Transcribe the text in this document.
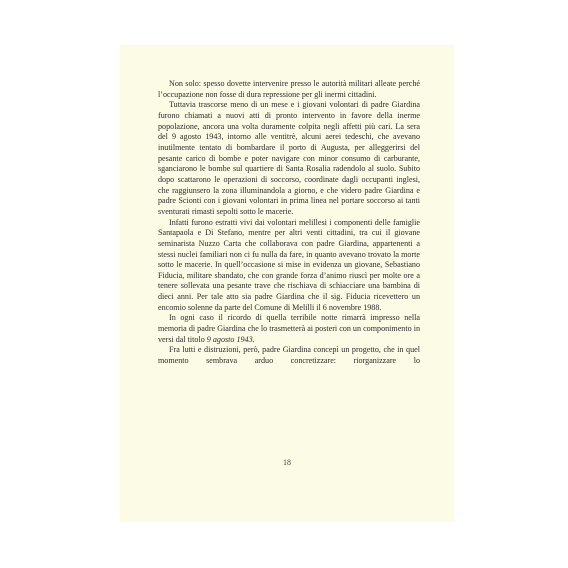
Non solo: spesso dovette intervenire presso le autorità militari alleate perché l’occupazione non fosse di dura repressione per gli inermi cittadini.

Tuttavia trascorse meno di un mese e i giovani volontari di padre Giardina furono chiamati a nuovi atti di pronto intervento in favore della inerme popolazione, ancora una volta duramente colpita negli affetti più cari. La sera del 9 agosto 1943, intorno alle ventitrè, alcuni aerei tedeschi, che avevano inutilmente tentato di bombardare il porto di Augusta, per alleggerirsi del pesante carico di bombe e poter navigare con minor consumo di carburante, sganciarono le bombe sul quartiere di Santa Rosalia radendolo al suolo. Subito dopo scattarono le operazioni di soccorso, coordinate dagli occupanti inglesi, che raggiunsero la zona illuminandola a giorno, e che videro padre Giardina e padre Scionti con i giovani volontari in prima linea nel portare soccorso ai tanti sventurati rimasti sepolti sotto le macerie.

Infatti furono estratti vivi dai volontari melillesi i componenti delle famiglie Santapaola e Di Stefano, mentre per altri venti cittadini, tra cui il giovane seminarista Nuzzo Carta che collaborava con padre Giardina, appartenenti a stessi nuclei familiari non ci fu nulla da fare, in quanto avevano trovato la morte sotto le macerie. In quell’occasione si mise in evidenza un giovane, Sebastiano Fiducia, militare sbandato, che con grande forza d’animo riuscì per molte ore a tenere sollevata una pesante trave che rischiava di schiacciare una bambina di dieci anni. Per tale atto sia padre Giardina che il sig. Fiducia ricevettero un encomio solenne da parte del Comune di Melilli il 6 novembre 1988.

In ogni caso il ricordo di quella terribile notte rimarrà impresso nella memoria di padre Giardina che lo trasmetterà ai posteri con un componimento in versi dal titolo 9 agosto 1943.

Fra lutti e distruzioni, però, padre Giardina concepì un progetto, che in quel momento sembrava arduo concretizzare: riorganizzare lo

18
